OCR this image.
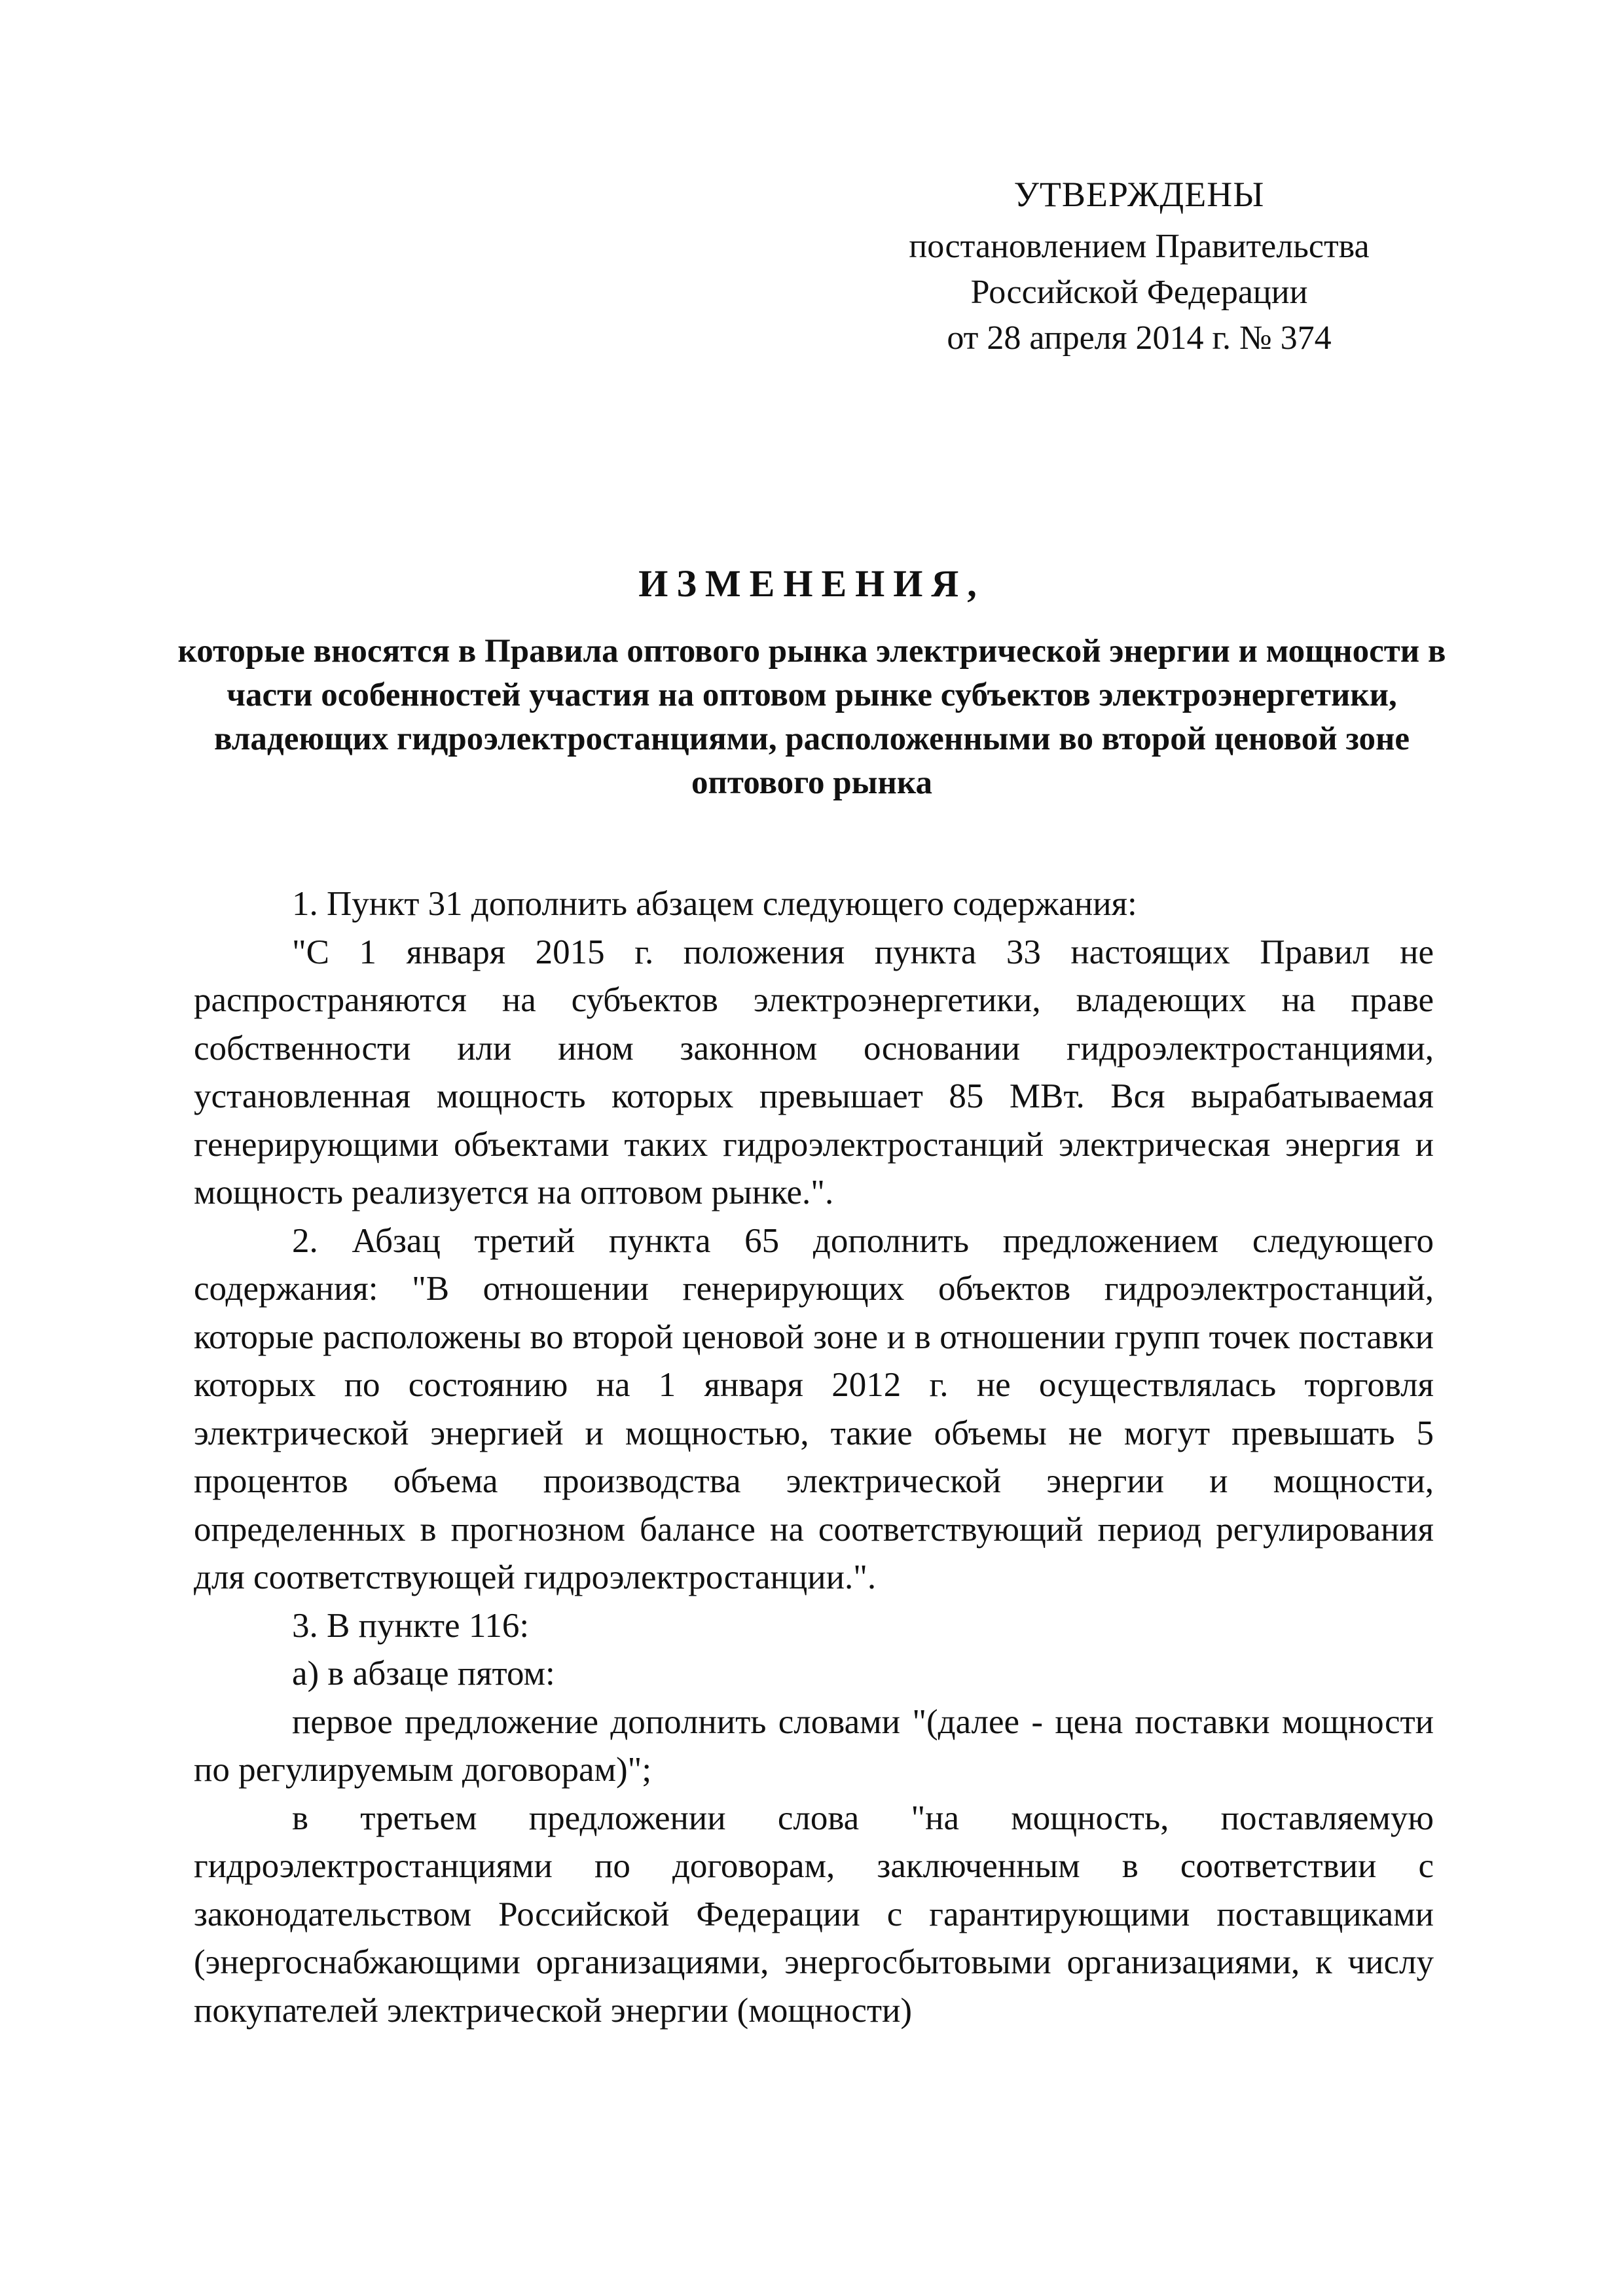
УТВЕРЖДЕНЫ
постановлением Правительства
Российской Федерации
от 28 апреля 2014 г. № 374
ИЗМЕНЕНИЯ,
которые вносятся в Правила оптового рынка электрической энергии и мощности в части особенностей участия на оптовом рынке субъектов электроэнергетики, владеющих гидроэлектростанциями, расположенными во второй ценовой зоне оптового рынка

1. Пункт 31 дополнить абзацем следующего содержания:

"С 1 января 2015 г. положения пункта 33 настоящих Правил не распространяются на субъектов электроэнергетики, владеющих на праве собственности или ином законном основании гидроэлектростанциями, установленная мощность которых превышает 85 МВт. Вся вырабатываемая генерирующими объектами таких гидроэлектростанций электрическая энергия и мощность реализуется на оптовом рынке.".

2. Абзац третий пункта 65 дополнить предложением следующего содержания: "В отношении генерирующих объектов гидроэлектростанций, которые расположены во второй ценовой зоне и в отношении групп точек поставки которых по состоянию на 1 января 2012 г. не осуществлялась торговля электрической энергией и мощностью, такие объемы не могут превышать 5 процентов объема производства электрической энергии и мощности, определенных в прогнозном балансе на соответствующий период регулирования для соответствующей гидроэлектростанции.".

3. В пункте 116:

а) в абзаце пятом:

первое предложение дополнить словами "(далее - цена поставки мощности по регулируемым договорам)";

в третьем предложении слова "на мощность, поставляемую гидроэлектростанциями по договорам, заключенным в соответствии с законодательством Российской Федерации с гарантирующими поставщиками (энергоснабжающими организациями, энергосбытовыми организациями, к числу покупателей электрической энергии (мощности)
